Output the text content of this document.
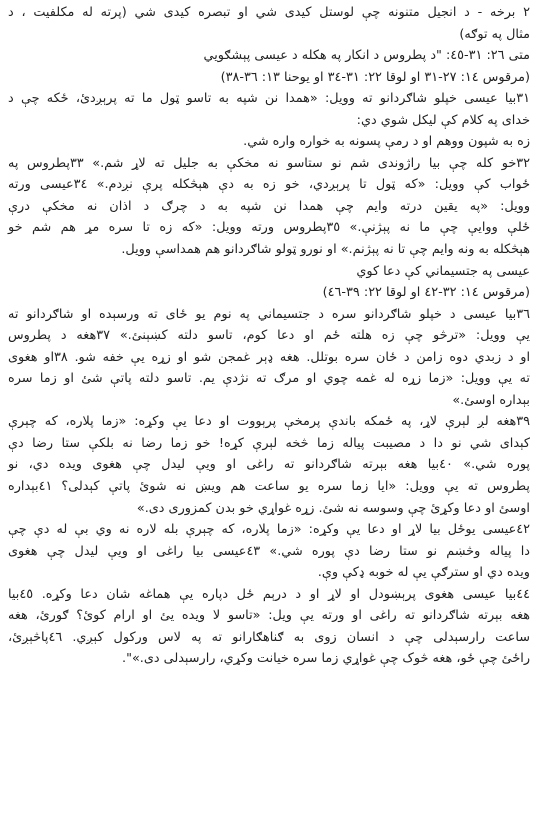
٢ برخه - د انجیل متنونه چې لوستل کیدی شي او تبصره کیدی شي (پرته له مکلفیت ، د

مثال په توګه)

متی ٢٦: ٣١-٤٥: "د پطروس د انکار په هکله د عیسی پېشګویي

(مرقوس ١٤: ٢٧-٣١ او لوقا ٢٢: ٣١-٣٤ او یوحنا ١٣: ٣٦-٣٨)

٣١بیا عیسی خپلو شاګردانو ته وویل: «همدا نن شپه به تاسو ټول ما ته پرېږدئ، ځکه چې د

خدای په کلام کې لیکل شوي دي:

زه به شپون ووهم او د رمې پسونه به خواره واره شي.

٣٢خو کله چې بیا راژوندی شم نو ستاسو نه مخکې به جلیل ته لاړ شم.» ٣٣پطروس په

ځواب کې وویل: «که ټول تا پرېږدي، خو زه به دې هېڅکله پرې نږدم.» ٣٤عیسی ورته

وویل: «په یقین درته وایم چې همدا نن شپه به د چرګ د اذان نه مخکې درې

ځلې ووایې چې ما نه پېژنې.» ٣٥پطروس ورته وویل: «که زه تا سره مړ هم شم خو

هېڅکله به ونه وایم چې تا نه پېژنم.» او نورو ټولو شاګردانو هم همداسې وویل.

عیسی په جتسیماني کې دعا کوي

(مرقوس ١٤: ٣٢-٤٢ او لوقا ٢٢: ٣٩-٤٦)

٣٦بیا عیسی د خپلو شاګردانو سره د جتسیماني په نوم یو ځای ته ورسېده او شاګردانو ته

یې وویل: «ترڅو چې زه هلته ځم او دعا کوم، تاسو دلته کښېنئ.» ٣٧هغه د پطروس

او د زبدي دوه زامن د ځان سره بوتلل. هغه ډېر غمجن شو او زړه یې خفه شو. ٣٨او هغوی

ته یې وویل: «زما زړه له غمه چوي او مرګ ته نژدې یم. تاسو دلته پاتې شئ او زما سره

بېداره اوسئ.»

٣٩هغه لږ لېرې لاړ، په ځمکه باندې پرمخې پرېووت او دعا یې وکړه: «زما پلاره، که چېرې

کېدای شي نو دا د مصیبت پیاله زما څخه لېرې کړه! خو زما رضا نه بلکې ستا رضا دې

پوره شي.» ٤٠بیا هغه بېرته شاګردانو ته راغی او ویې لیدل چې هغوی ویده دي، نو

پطروس ته یې وویل: «ایا زما سره یو ساعت هم ویښ نه شوئ پاتې کېدلی؟ ٤١بېداره

اوسئ او دعا وکړئ چې وسوسه نه شئ. زړه غواړي خو بدن کمزوری دی.»

٤٢عیسی یوځل بیا لاړ او دعا یې وکړه: «زما پلاره، که چېرې بله لاره نه وي بې له دې چې

دا پیاله وڅښم نو ستا رضا دې پوره شي.» ٤٣عیسی بیا راغی او ویې لیدل چې هغوی

ویده دي او سترګې یې له خوبه ډکې وې.

٤٤بیا عیسی هغوی پرېښودل او لاړ او د درېم ځل دپاره یې هماغه شان دعا وکړه. ٤٥بیا

هغه بېرته شاګردانو ته راغی او ورته یې ویل: «تاسو لا ویده یئ او ارام کوئ؟ ګورئ، هغه

ساعت رارسېدلی چې د انسان زوی به ګناهګارانو ته په لاس ورکول کېږي. ٤٦پاڅېږئ،

راځئ چې ځو، هغه څوک چې غواړي زما سره خیانت وکړي، رارسېدلی دی.»".
